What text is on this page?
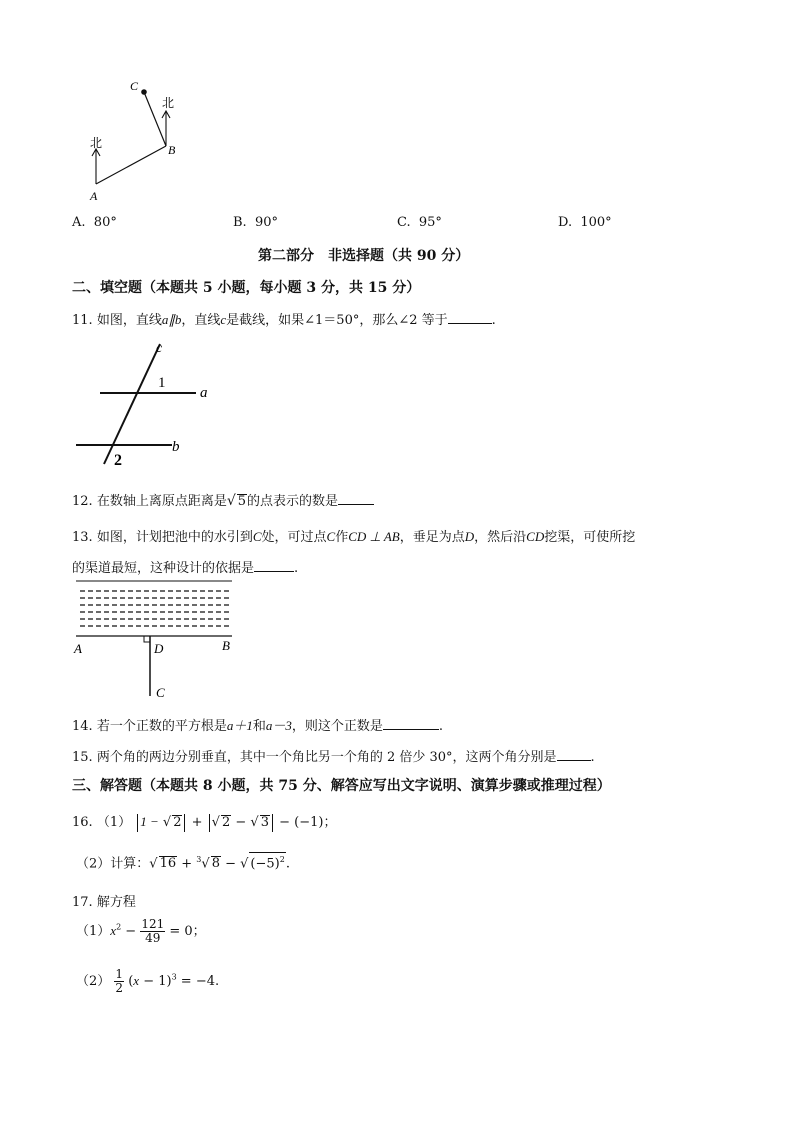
北
北
A
B
C
A. 80°	B. 90°	C. 95°	D. 100°
第二部分　非选择题（共 90 分）
二、填空题（本题共 5 小题，每小题 3 分，共 15 分）
11. 如图，直线a∥b，直线c是截线，如果∠1＝50°，那么∠2 等于	.
c
1
a
2
b
12. 在数轴上离原点距离是√ 5的点表示的数是
13. 如图，计划把池中的水引到C处，可过点C作CD ⊥ AB，垂足为点D，然后沿CD挖渠，可使所挖
的渠道最短，这种设计的依据是	.
A	B
D
C
14. 若一个正数的平方根是a＋1和a－3，则这个正数是	.
15. 两个角的两边分别垂直，其中一个角比另一个角的 2 倍少 30°，这两个角分别是	.
三、解答题（本题共 8 小题，共 75 分、解答应写出文字说明、演算步骤或推理过程）
16. （1） 1 − √ 2 + √ 2 − √ 3 − (−1)；
（2）计算：√ 16 + $^3$√ 8 − √ $(-5)^2$.
17. 解方程
$(1)x^2 - \frac{121}{49} = 0$；
$(2) \frac{1}{2} (x - 1)^3 = -4$.
